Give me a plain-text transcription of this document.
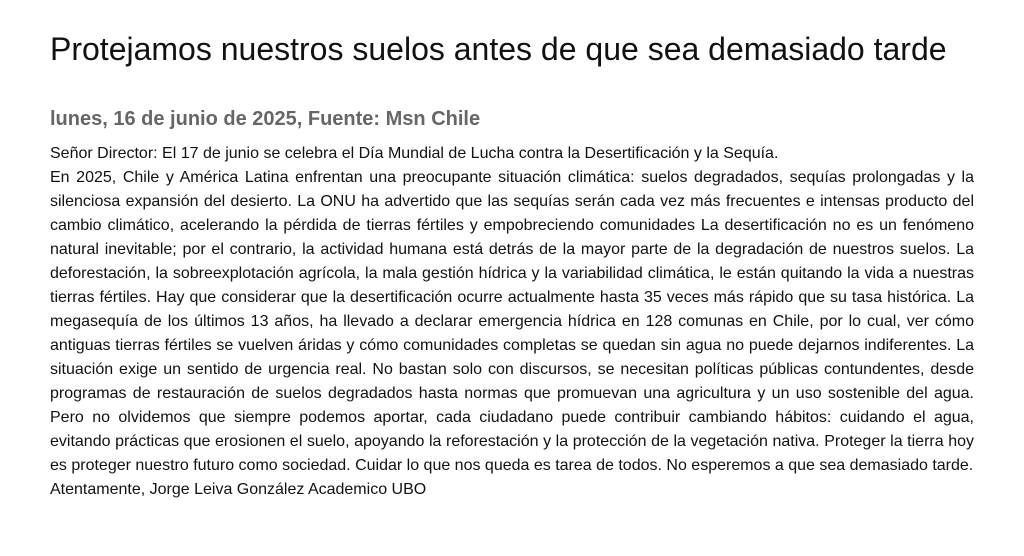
Protejamos nuestros suelos antes de que sea demasiado tarde
lunes, 16 de junio de 2025, Fuente: Msn Chile

Señor Director: El 17 de junio se celebra el Día Mundial de Lucha contra la Desertificación y la Sequía.

En 2025, Chile y América Latina enfrentan una preocupante situación climática: suelos degradados, sequías prolongadas y la silenciosa expansión del desierto. La ONU ha advertido que las sequías serán cada vez más frecuentes e intensas producto del cambio climático, acelerando la pérdida de tierras fértiles y empobreciendo comunidades La desertificación no es un fenómeno natural inevitable; por el contrario, la actividad humana está detrás de la mayor parte de la degradación de nuestros suelos. La deforestación, la sobreexplotación agrícola, la mala gestión hídrica y la variabilidad climática, le están quitando la vida a nuestras tierras fértiles. Hay que considerar que la desertificación ocurre actualmente hasta 35 veces más rápido que su tasa histórica. La megasequía de los últimos 13 años, ha llevado a declarar emergencia hídrica en 128 comunas en Chile, por lo cual, ver cómo antiguas tierras fértiles se vuelven áridas y cómo comunidades completas se quedan sin agua no puede dejarnos indiferentes. La situación exige un sentido de urgencia real. No bastan solo con discursos, se necesitan políticas públicas contundentes, desde programas de restauración de suelos degradados hasta normas que promuevan una agricultura y un uso sostenible del agua. Pero no olvidemos que siempre podemos aportar, cada ciudadano puede contribuir cambiando hábitos: cuidando el agua, evitando prácticas que erosionen el suelo, apoyando la reforestación y la protección de la vegetación nativa. Proteger la tierra hoy es proteger nuestro futuro como sociedad. Cuidar lo que nos queda es tarea de todos. No esperemos a que sea demasiado tarde.

Atentamente, Jorge Leiva González Academico UBO
